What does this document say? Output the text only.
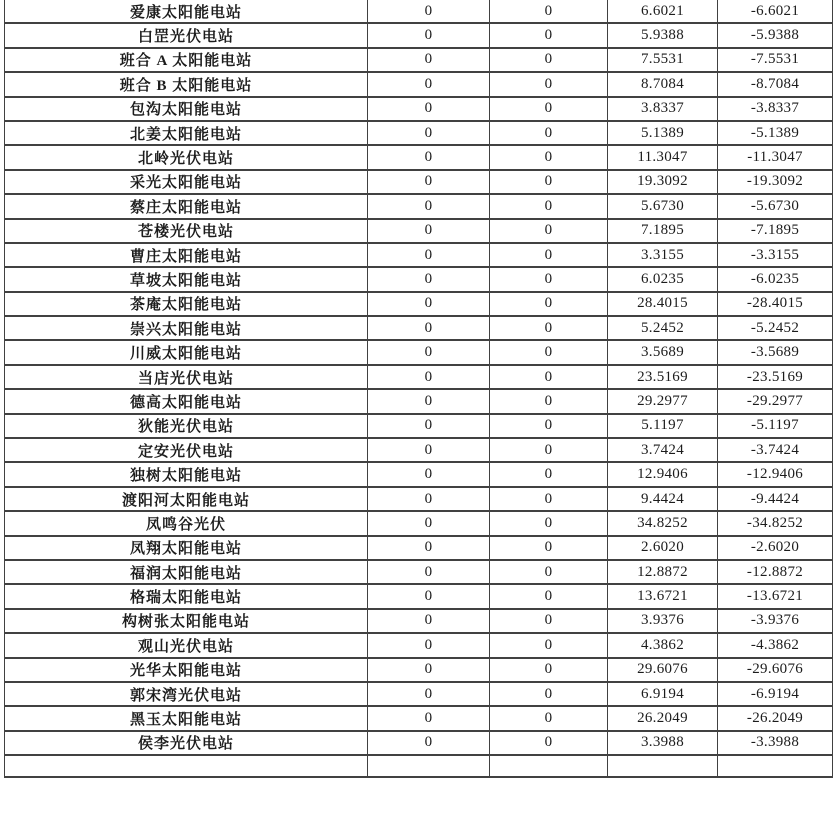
爱康太阳能电站	0	0	6.6021	-6.6021
白罡光伏电站	0	0	5.9388	-5.9388
班合 A 太阳能电站	0	0	7.5531	-7.5531
班合 B 太阳能电站	0	0	8.7084	-8.7084
包沟太阳能电站	0	0	3.8337	-3.8337
北姜太阳能电站	0	0	5.1389	-5.1389
北岭光伏电站	0	0	11.3047	-11.3047
采光太阳能电站	0	0	19.3092	-19.3092
蔡庄太阳能电站	0	0	5.6730	-5.6730
苍楼光伏电站	0	0	7.1895	-7.1895
曹庄太阳能电站	0	0	3.3155	-3.3155
草坡太阳能电站	0	0	6.0235	-6.0235
茶庵太阳能电站	0	0	28.4015	-28.4015
崇兴太阳能电站	0	0	5.2452	-5.2452
川威太阳能电站	0	0	3.5689	-3.5689
当店光伏电站	0	0	23.5169	-23.5169
德高太阳能电站	0	0	29.2977	-29.2977
狄能光伏电站	0	0	5.1197	-5.1197
定安光伏电站	0	0	3.7424	-3.7424
独树太阳能电站	0	0	12.9406	-12.9406
渡阳河太阳能电站	0	0	9.4424	-9.4424
凤鸣谷光伏	0	0	34.8252	-34.8252
凤翔太阳能电站	0	0	2.6020	-2.6020
福润太阳能电站	0	0	12.8872	-12.8872
格瑞太阳能电站	0	0	13.6721	-13.6721
构树张太阳能电站	0	0	3.9376	-3.9376
观山光伏电站	0	0	4.3862	-4.3862
光华太阳能电站	0	0	29.6076	-29.6076
郭宋湾光伏电站	0	0	6.9194	-6.9194
黑玉太阳能电站	0	0	26.2049	-26.2049
侯李光伏电站	0	0	3.3988	-3.3988
